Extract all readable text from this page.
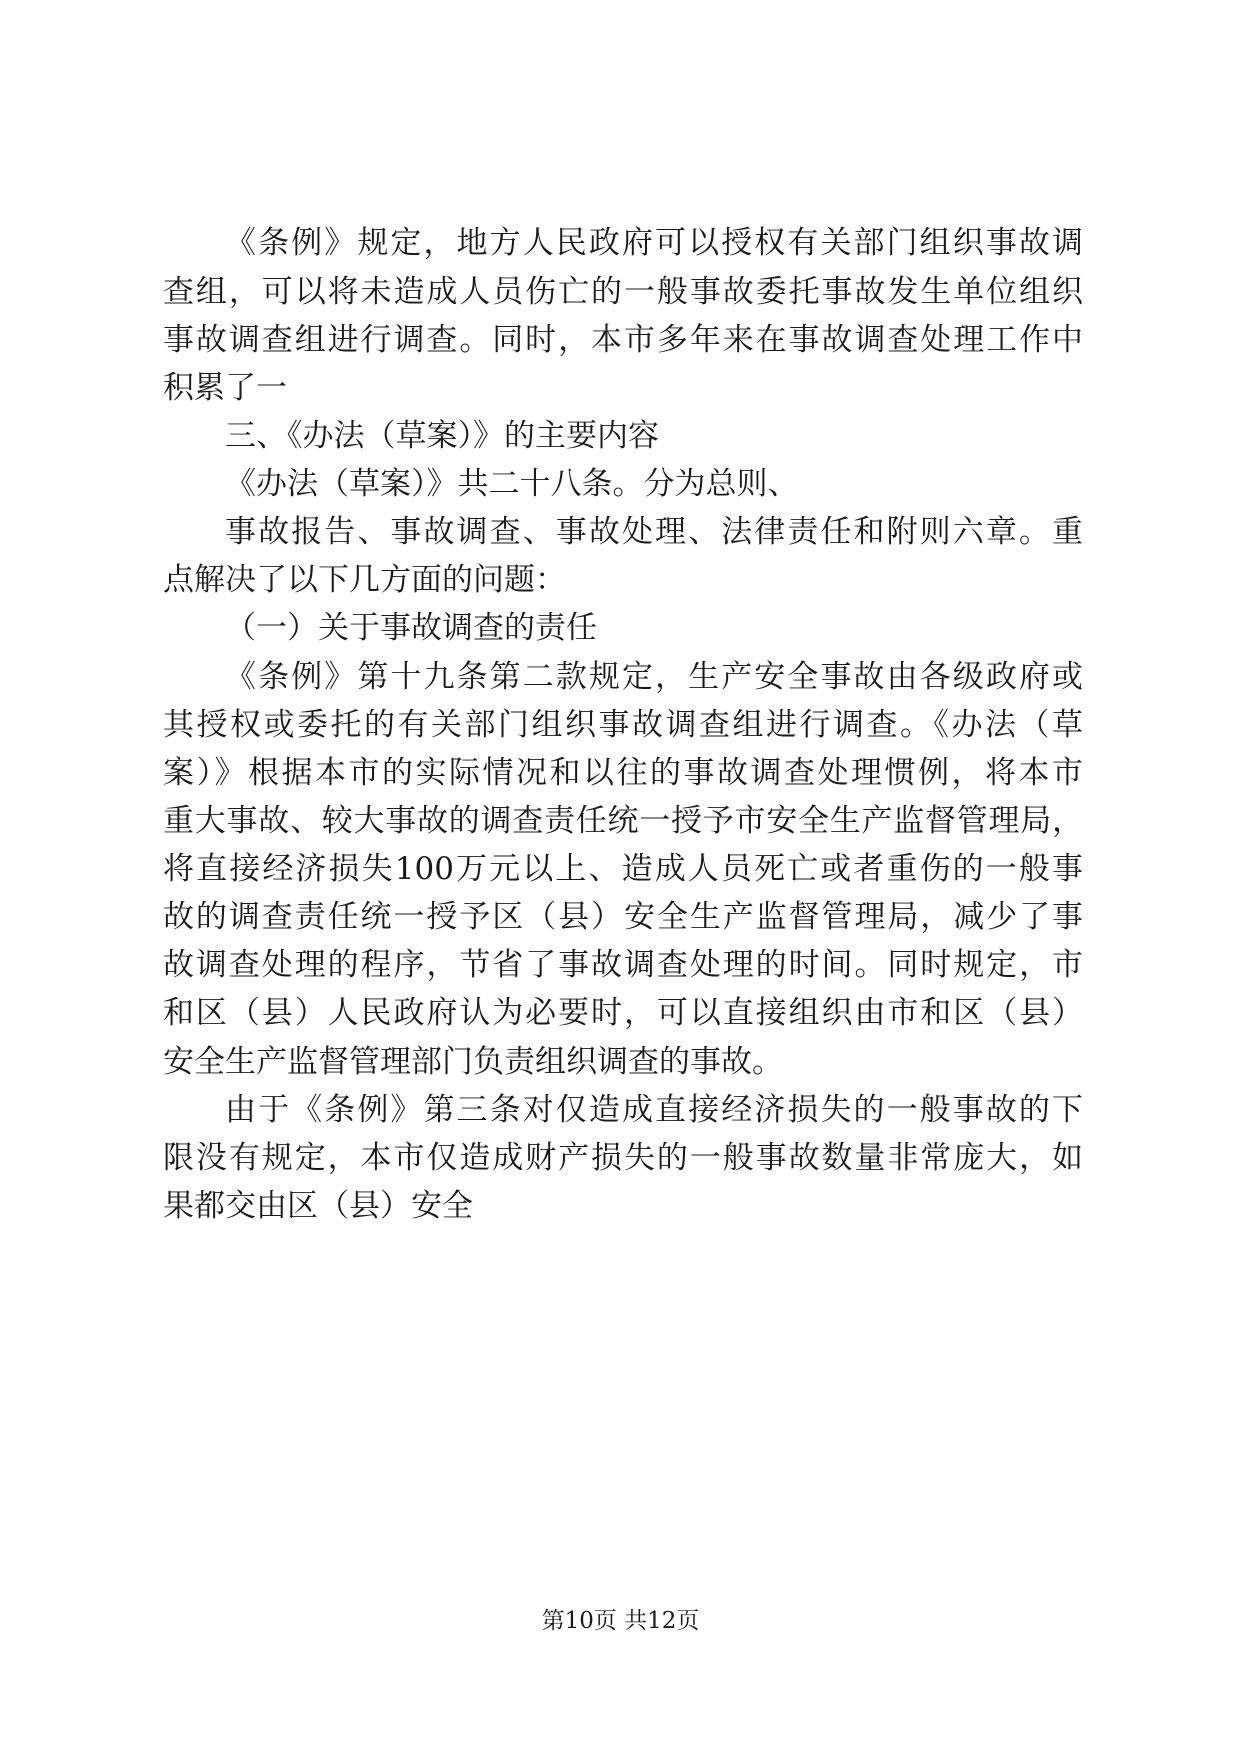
《条例》规定，地方人民政府可以授权有关部门组织事故调
查组，可以将未造成人员伤亡的一般事故委托事故发生单位组织
事故调查组进行调查。同时，本市多年来在事故调查处理工作中
积累了一
三、《办法（草案）》的主要内容
《办法（草案）》共二十八条。分为总则、
事故报告、事故调查、事故处理、法律责任和附则六章。重
点解决了以下几方面的问题：
（一）关于事故调查的责任
《条例》第十九条第二款规定，生产安全事故由各级政府或
其授权或委托的有关部门组织事故调查组进行调查。《办法（草
案）》根据本市的实际情况和以往的事故调查处理惯例，将本市
重大事故、较大事故的调查责任统一授予市安全生产监督管理局，
将直接经济损失100万元以上、造成人员死亡或者重伤的一般事
故的调查责任统一授予区（县）安全生产监督管理局，减少了事
故调查处理的程序，节省了事故调查处理的时间。同时规定，市
和区（县）人民政府认为必要时，可以直接组织由市和区（县）
安全生产监督管理部门负责组织调查的事故。
由于《条例》第三条对仅造成直接经济损失的一般事故的下
限没有规定，本市仅造成财产损失的一般事故数量非常庞大，如
果都交由区（县）安全
第10页 共12页
